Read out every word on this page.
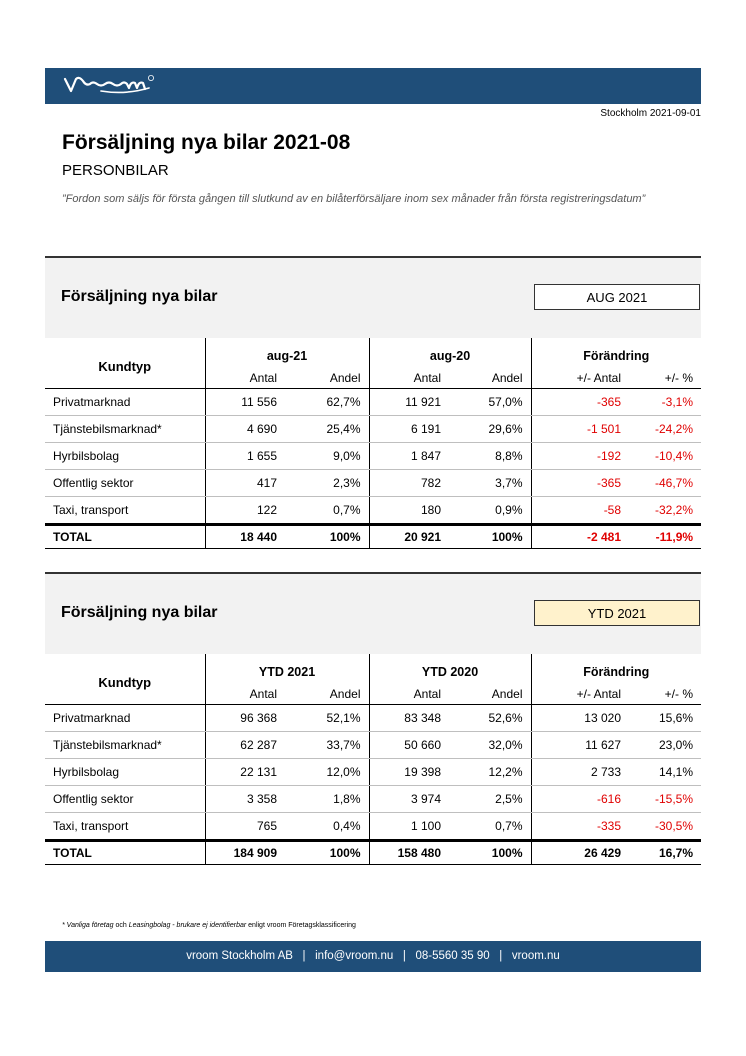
Stockholm 2021-09-01
Försäljning nya bilar 2021-08
PERSONBILAR
”Fordon som säljs för första gången till slutkund av en bilåterförsäljare inom sex månader från första registreringsdatum”
Försäljning nya bilar	AUG 2021
Kundtyp	aug-21		aug-20		Förändring	
	Antal	Andel	Antal	Andel	+/- Antal	+/- %
Privatmarknad	11 556	62,7%	11 921	57,0%	-365	-3,1%
Tjänstebilsmarknad*	4 690	25,4%	6 191	29,6%	-1 501	-24,2%
Hyrbilsbolag	1 655	9,0%	1 847	8,8%	-192	-10,4%
Offentlig sektor	417	2,3%	782	3,7%	-365	-46,7%
Taxi, transport	122	0,7%	180	0,9%	-58	-32,2%
TOTAL	18 440	100%	20 921	100%	-2 481	-11,9%
Försäljning nya bilar	YTD 2021
Kundtyp	YTD 2021		YTD 2020		Förändring	
	Antal	Andel	Antal	Andel	+/- Antal	+/- %
Privatmarknad	96 368	52,1%	83 348	52,6%	13 020	15,6%
Tjänstebilsmarknad*	62 287	33,7%	50 660	32,0%	11 627	23,0%
Hyrbilsbolag	22 131	12,0%	19 398	12,2%	2 733	14,1%
Offentlig sektor	3 358	1,8%	3 974	2,5%	-616	-15,5%
Taxi, transport	765	0,4%	1 100	0,7%	-335	-30,5%
TOTAL	184 909	100%	158 480	100%	26 429	16,7%
* Vanliga företag och Leasingbolag - brukare ej identifierbar enligt vroom Företagsklassificering
vroom Stockholm AB | info@vroom.nu | 08-5560 35 90 | vroom.nu
